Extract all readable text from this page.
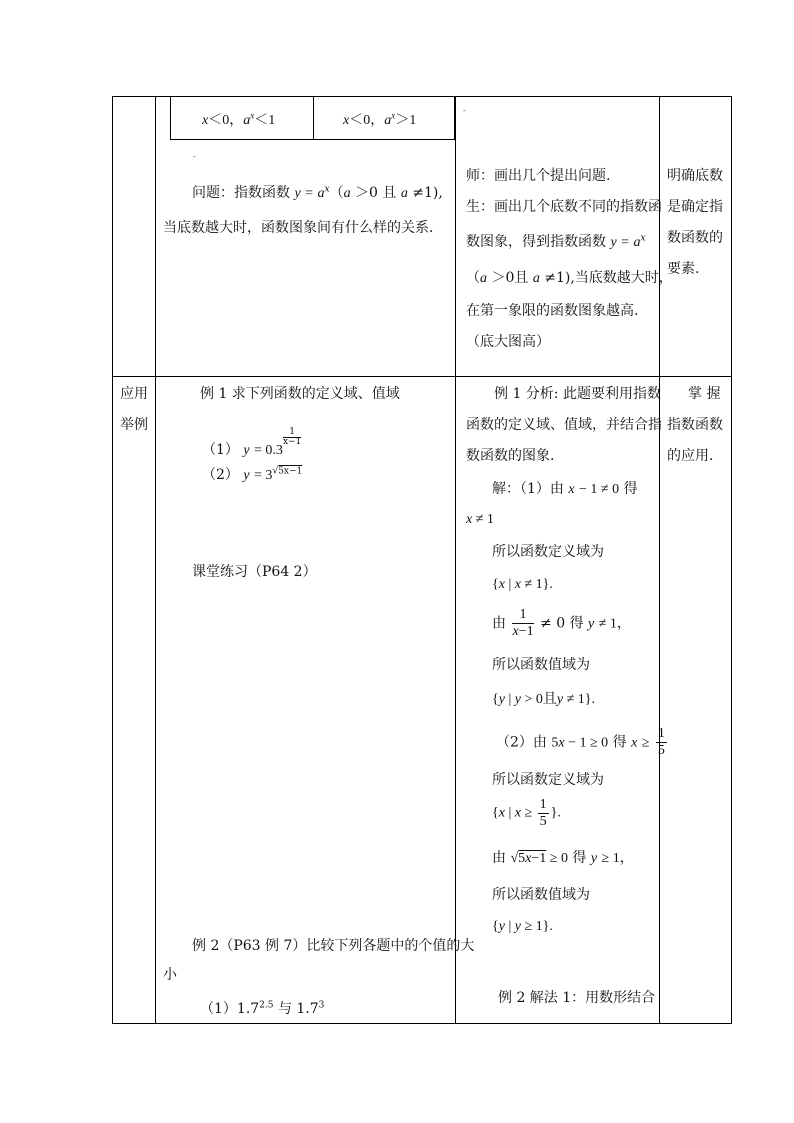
x＜0，$a^x<1$	x＜0，$a^x>1$
-
-
问题：指数函数 $y = a^x(a >0$ 且 a ≠1),
当底数越大时，函数图象间有什么样的关系.
师：画出几个提出问题.
生：画出几个底数不同的指数函
数图象，得到指数函数 $y = a^x$
（a ＞0且 a ≠1),当底数越大时，
在第一象限的函数图象越高.
（底大图高）
明确底数
是确定指
数函数的
要素.
应用
举例
例 1 求下列函数的定义域、值域
（1） y = 0.3
$\frac{1}{x-1}$
（2） $y = 3^{√5x-1}$
课堂练习（P64 2）
例 2（P63 例 7）比较下列各题中的个值的大
小
$(1)1.7^{2.5}$ 与 $1.7^3$
例 1 分析: 此题要利用指数
函数的定义域、值域，并结合指
数函数的图象.
解：（1）由 x − 1 ≠ 0 得
x ≠ 1
所以函数定义域为
{x | x ≠ 1}.
由 $\frac{1}{x-1} \ne 0$ 得 y ≠ 1，
所以函数值域为
{y | y > 0且y ≠ 1}.
（2）由 5x − 1 ≥ 0 得 $x \ge \frac{1}{5}$
所以函数定义域为
{x | $x \ge \frac{1}{5}$ }.
由 √5x−1 ≥ 0 得 y ≥ 1，
所以函数值域为
{y | y ≥ 1}.
例 2 解法 1：用数形结合
掌 握
指数函数
的应用.
